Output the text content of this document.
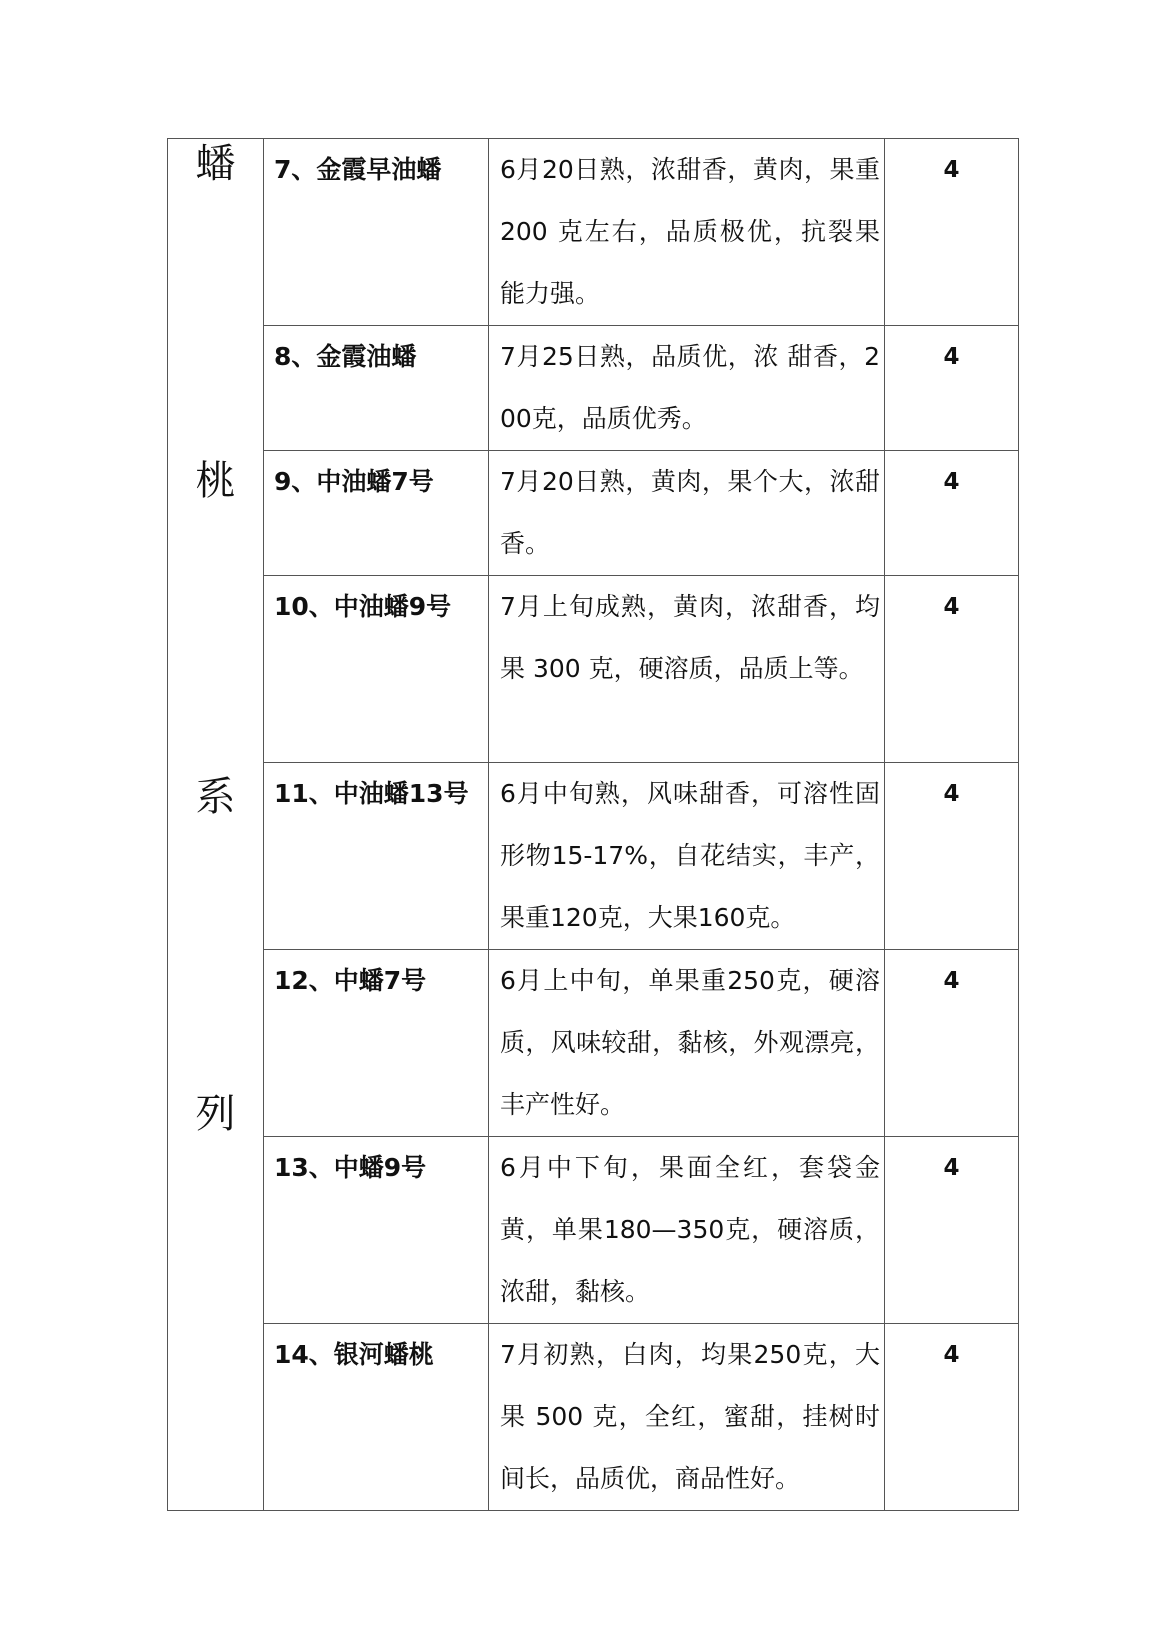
蟠
桃
系
列	7、金霞早油蟠	6月20日熟，浓甜香，黄肉，果重 200 克左右，品质极优，抗裂果能力强。	4

	8、金霞油蟠	7月25日熟，品质优，浓 甜香，200克，品质优秀。	4

	9、中油蟠7号	7月20日熟，黄肉，果个大，浓甜香。	4

	10、中油蟠9号	7月上旬成熟，黄肉，浓甜香，均果 300 克，硬溶质，品质上等。	4

	11、中油蟠13号	6月中旬熟，风味甜香，可溶性固形物15-17%，自花结实，丰产，果重120克，大果160克。	4

	12、中蟠7号	6月上中旬，单果重250克，硬溶质，风味较甜，黏核，外观漂亮，丰产性好。	4

	13、中蟠9号	6月中下旬，果面全红，套袋金黄，单果180—350克，硬溶质，浓甜，黏核。	4

	14、银河蟠桃	7月初熟，白肉，均果250克，大果 500 克，全红，蜜甜，挂树时间长，品质优，商品性好。	4
